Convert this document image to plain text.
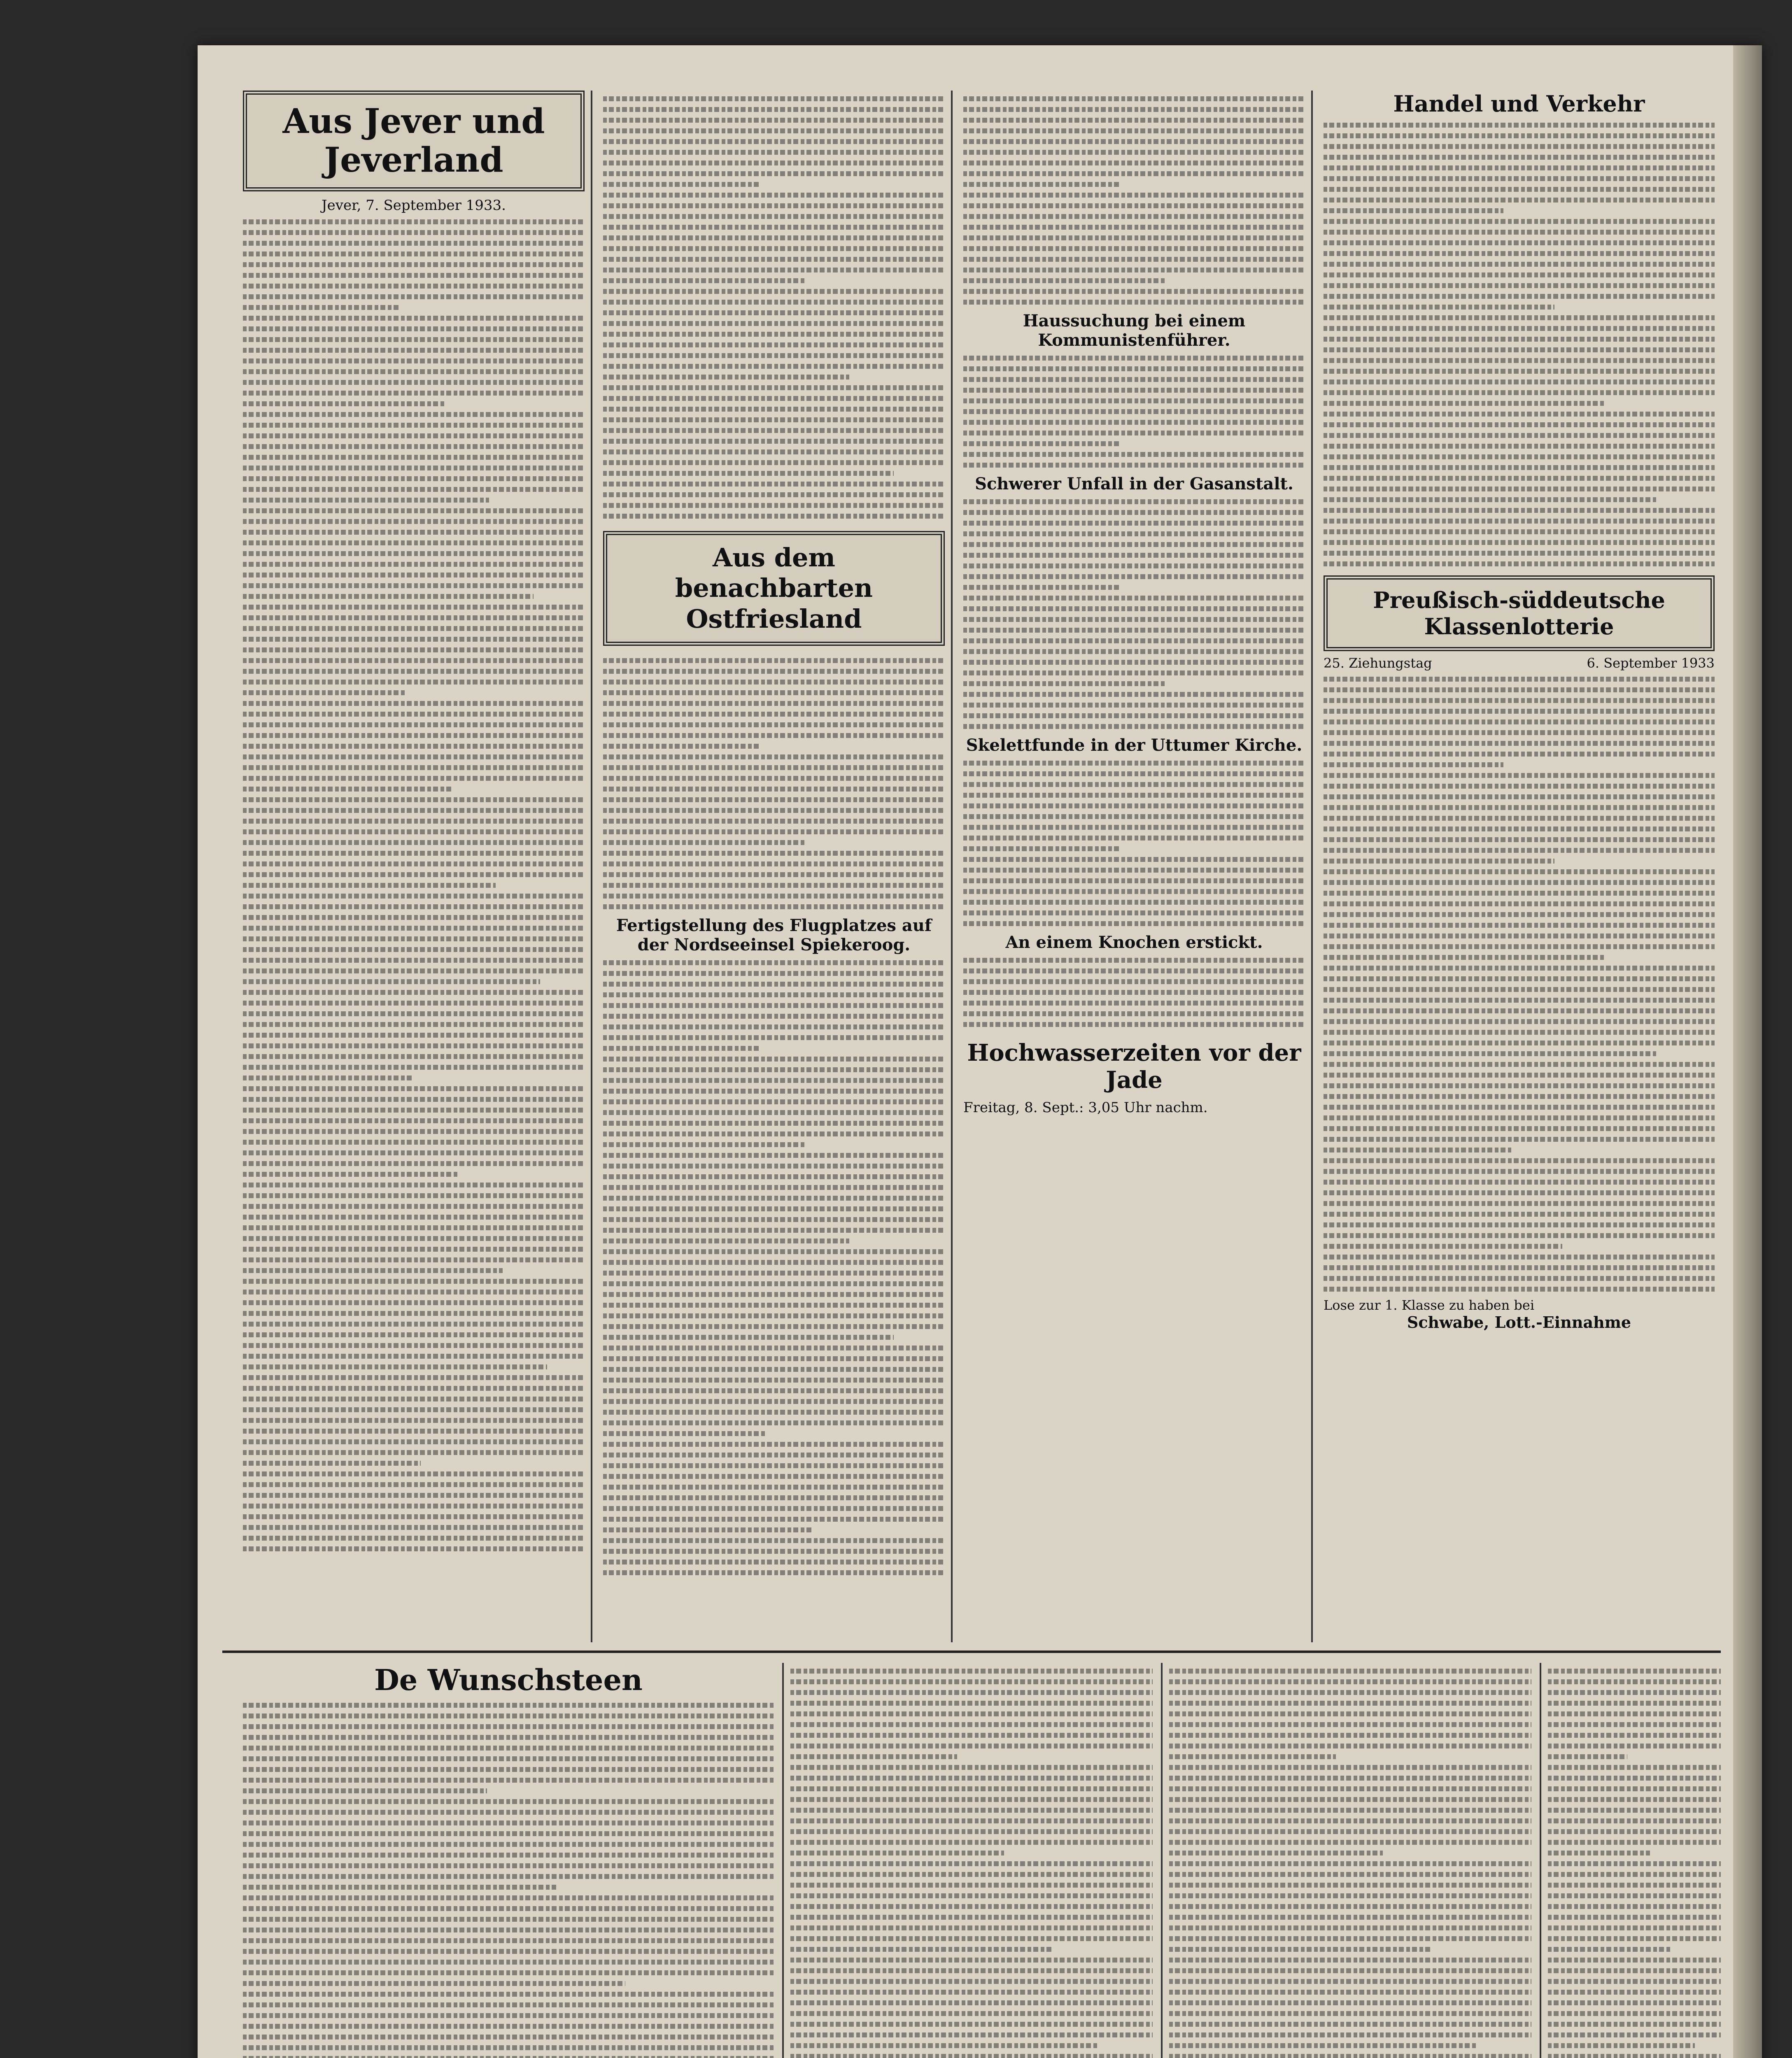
Aus Jever und Jeverland
Jever, 7. September 1933.
Aus dem benachbarten Ostfriesland
Fertigstellung des Flugplatzes auf der Nordseeinsel Spiekeroog.
Haussuchung bei einem Kommunistenführer.
Schwerer Unfall in der Gasanstalt.
Skelettfunde in der Uttumer Kirche.
An einem Knochen erstickt.
Hochwasserzeiten vor der Jade
Freitag, 8. Sept.: 3,05 Uhr nachm.
Handel und Verkehr
Preußisch-süddeutsche Klassenlotterie
25. Ziehungstag	6. September 1933
Lose zur 1. Klasse zu haben bei
Schwabe, Lott.-Einnahme
De Wunschsteen
